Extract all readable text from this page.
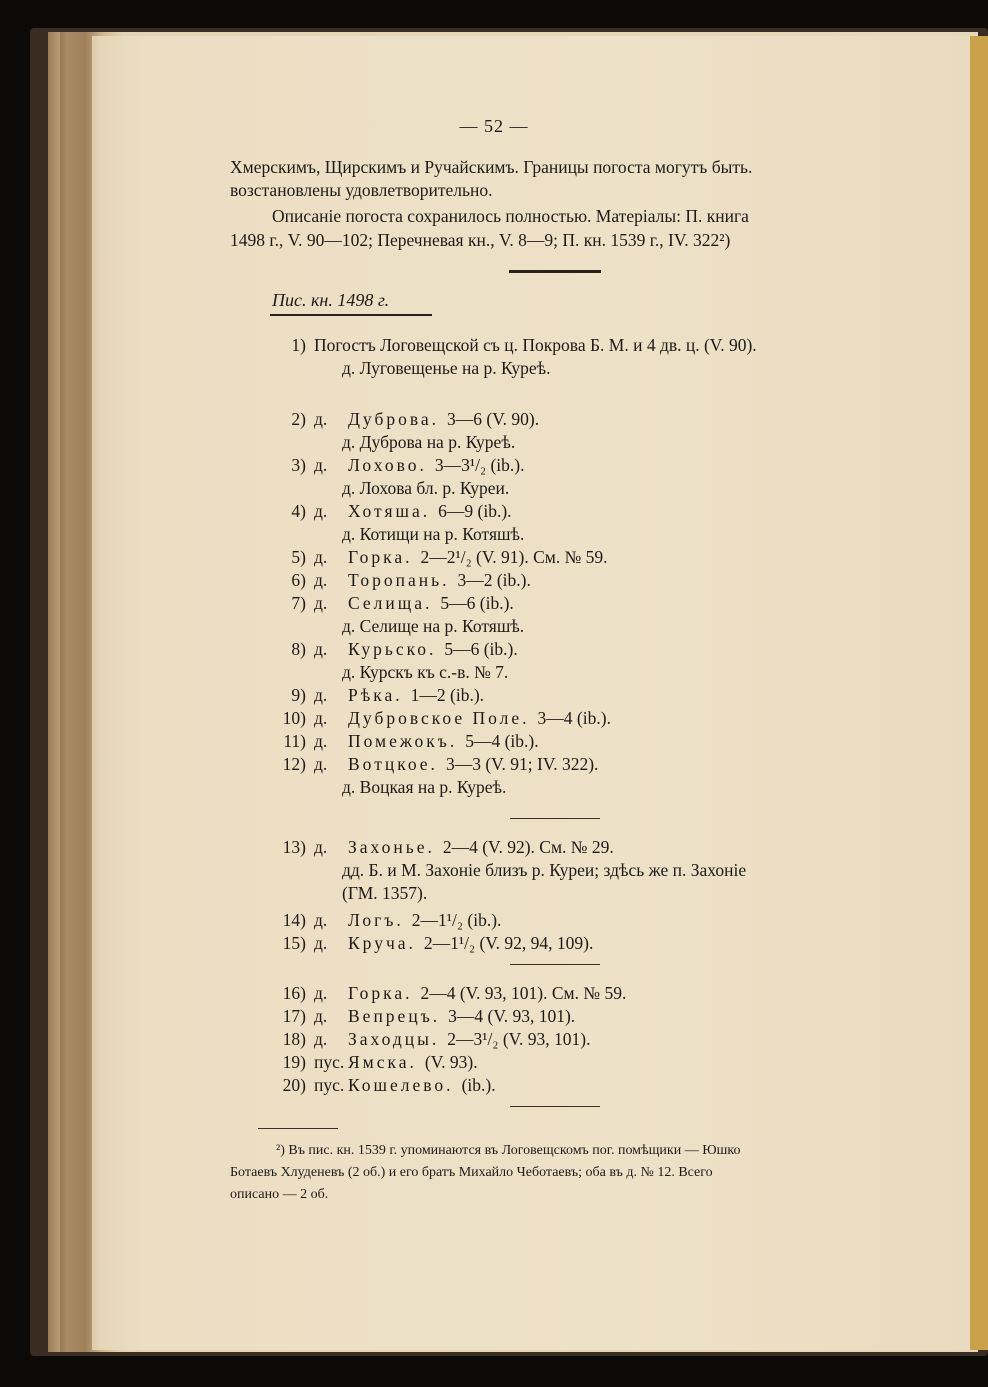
— 52 —
Хмерскимъ, Щирскимъ и Ручайскимъ. Границы погоста могутъ быть.
возстановлены удовлетворительно.
Описаніе погоста сохранилось полностью. Матеріалы: П. книга
1498 г., V. 90—102; Перечневая кн., V. 8—9; П. кн. 1539 г., IV. 322²)
Пис. кн. 1498 г.
1) Погостъ Логовещской съ ц. Покрова Б. М. и 4 дв. ц. (V. 90).
д. Луговещенье на р. Куреѣ.
2) д. Дуброва. 3—6 (V. 90).
д. Дуброва на р. Куреѣ.
3) д. Лохово. 3—3¹/₂ (ib.).
д. Лохова бл. р. Куреи.
4) д. Хотяша. 6—9 (ib.).
д. Котищи на р. Котяшѣ.
5) д. Горка. 2—2¹/₂ (V. 91). См. № 59.
6) д. Торопань. 3—2 (ib.).
7) д. Селища. 5—6 (ib.).
д. Селище на р. Котяшѣ.
8) д. Курьско. 5—6 (ib.).
д. Курскъ къ с.-в. № 7.
9) д. Рѣка. 1—2 (ib.).
10) д. Дубровское Поле. 3—4 (ib.).
11) д. Помежокъ. 5—4 (ib.).
12) д. Вотцкое. 3—3 (V. 91; IV. 322).
д. Воцкая на р. Куреѣ.
13) д. Захонье. 2—4 (V. 92). См. № 29.
дд. Б. и М. Захоніе близъ р. Куреи; здѣсь же п. Захоніе
(ГМ. 1357).
14) д. Логъ. 2—1¹/₂ (ib.).
15) д. Круча. 2—1¹/₂ (V. 92, 94, 109).
16) д. Горка. 2—4 (V. 93, 101). См. № 59.
17) д. Вепрецъ. 3—4 (V. 93, 101).
18) д. Заходцы. 2—3¹/₂ (V. 93, 101).
19) пус. Ямска. (V. 93).
20) пус. Кошелево. (ib.).
²) Въ пис. кн. 1539 г. упоминаются въ Логовещскомъ пог. помѣщики — Юшко
Ботаевъ Хлуденевъ (2 об.) и его братъ Михайло Чеботаевъ; оба въ д. № 12. Всего
описано — 2 об.
